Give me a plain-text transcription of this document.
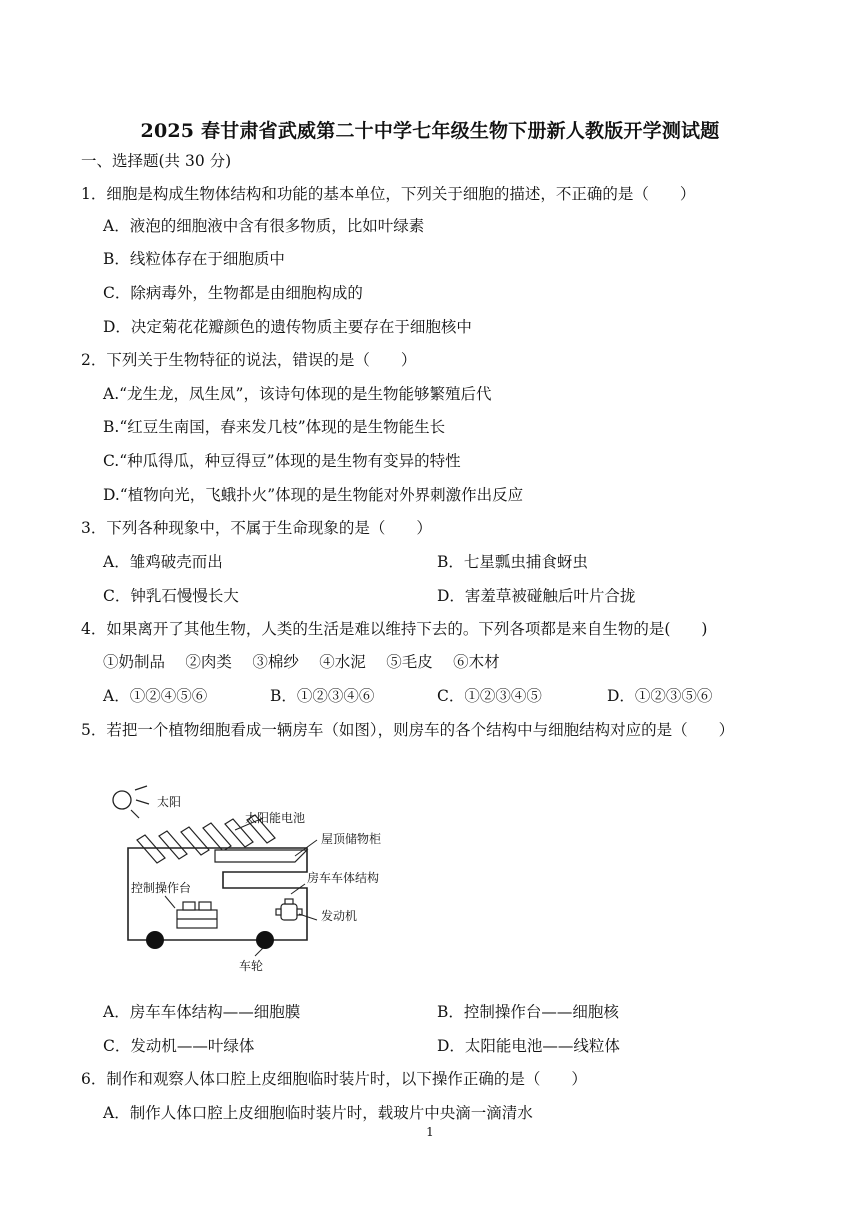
2025 春甘肃省武威第二十中学七年级生物下册新人教版开学测试题
一、选择题(共 30 分)
1．细胞是构成生物体结构和功能的基本单位，下列关于细胞的描述，不正确的是（　　）
A．液泡的细胞液中含有很多物质，比如叶绿素
B．线粒体存在于细胞质中
C．除病毒外，生物都是由细胞构成的
D．决定菊花花瓣颜色的遗传物质主要存在于细胞核中
2．下列关于生物特征的说法，错误的是（　　）
A.“龙生龙，凤生凤”，该诗句体现的是生物能够繁殖后代
B.“红豆生南国，春来发几枝”体现的是生物能生长
C.“种瓜得瓜，种豆得豆”体现的是生物有变异的特性
D.“植物向光，飞蛾扑火”体现的是生物能对外界刺激作出反应
3．下列各种现象中，不属于生命现象的是（　　）
A．雏鸡破壳而出	B．七星瓢虫捕食蚜虫
C．钟乳石慢慢长大	D．害羞草被碰触后叶片合拢
4．如果离开了其他生物，人类的生活是难以维持下去的。下列各项都是来自生物的是(　　)
①奶制品　 ②肉类　 ③棉纱　 ④水泥　 ⑤毛皮　 ⑥木材
A．①②④⑤⑥	B．①②③④⑥	C．①②③④⑤	D．①②③⑤⑥
5．若把一个植物细胞看成一辆房车（如图），则房车的各个结构中与细胞结构对应的是（　　）
太阳
太阳能电池
屋顶储物柜
房车车体结构
控制操作台
发动机
车轮
A．房车车体结构——细胞膜	B．控制操作台——细胞核
C．发动机——叶绿体	D．太阳能电池——线粒体
6．制作和观察人体口腔上皮细胞临时装片时，以下操作正确的是（　　）
A．制作人体口腔上皮细胞临时装片时，载玻片中央滴一滴清水
1
